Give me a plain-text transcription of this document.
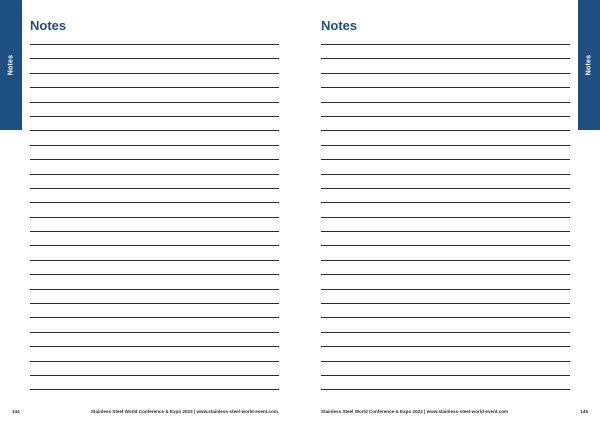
Notes
Notes
144	Stainless Steel World Conference & Expo 2023 | www.stainless-steel-world-event.com
Notes
Notes
Stainless Steel World Conference & Expo 2023 | www.stainless-steel-world-event.com	145
